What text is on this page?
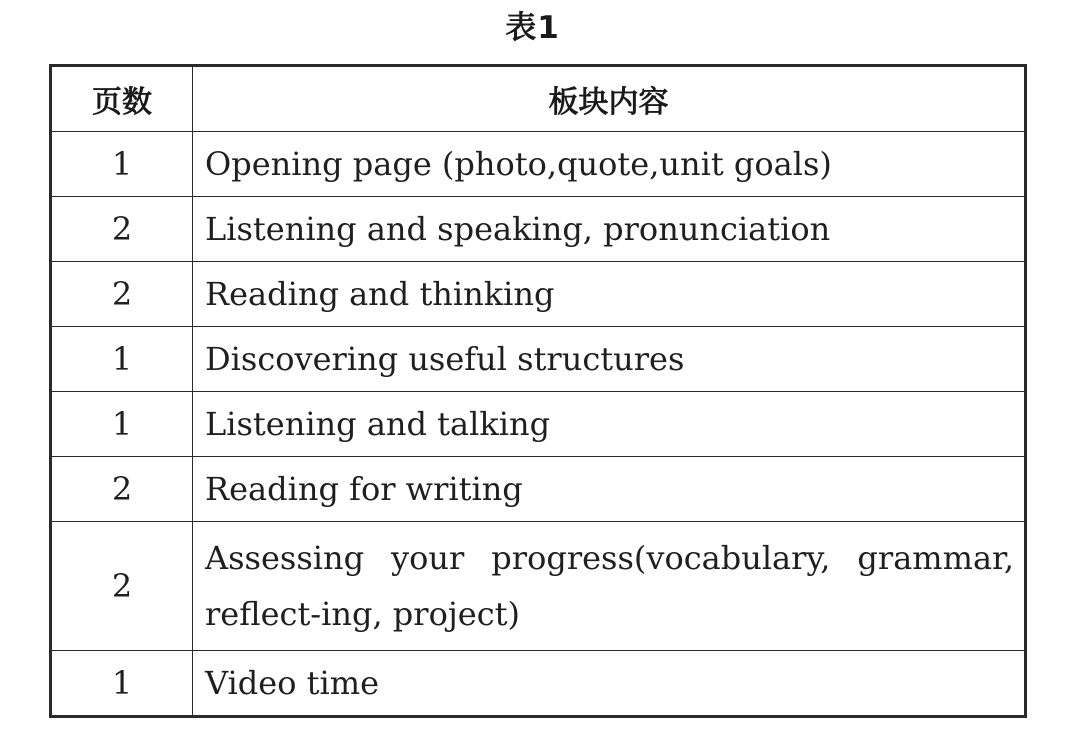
表1
页数	板块内容
1	Opening page (photo,quote,unit goals)
2	Listening and speaking, pronunciation
2	Reading and thinking
1	Discovering useful structures
1	Listening and talking
2	Reading for writing
2	Assessing your progress(vocabulary, grammar, reflect-ing, project)
1	Video time
